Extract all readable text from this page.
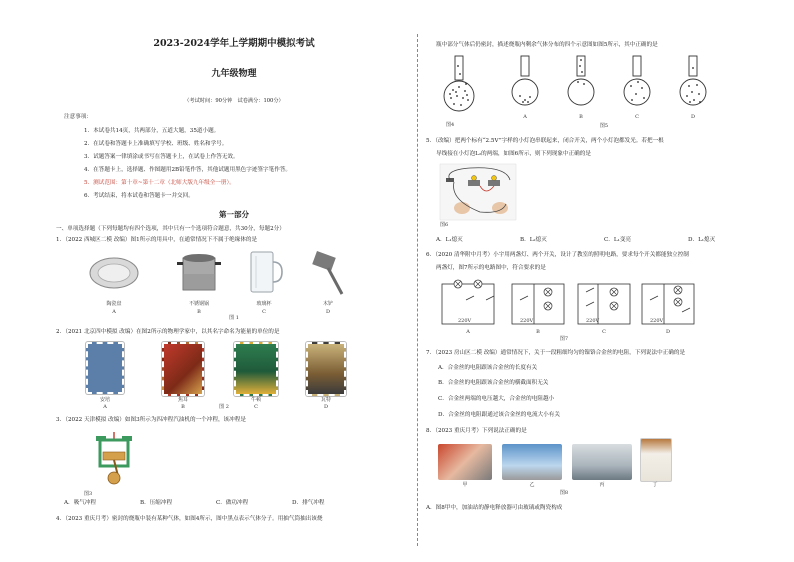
2023-2024学年上学期期中模拟考试
九年级物理
（考试时间：90分钟　试卷满分：100分）
注意事项：
1．本试卷共14页，共两部分，五道大题，35道小题。
2．在试卷和答题卡上准确填写学校、班级、姓名和学号。
3．试题答案一律填涂或书写在答题卡上，在试卷上作答无效。
4．在答题卡上，选择题、作图题用2B铅笔作答，其他试题用黑色字迹签字笔作答。
5．测试范围：第十章~第十二章（北师大版九年级全一册）。
6．考试结束，将本试卷和答题卡一并交回。
第一部分
一、单项选择题（下列每题均有四个选项，其中只有一个选项符合题意，共30分，每题2分）
1．（2022 西城区二模 改编）图1所示的用具中，在通常情况下不属于绝缘体的是
陶瓷盘	不锈钢锅	玻璃杯	木铲
A	B	C	D
图 1
2．（2021 北京四中模拟 改编）在图2所示的物理学家中，以其名字命名为能量的单位的是
安培	焦耳	牛顿	瓦特
A	B	C	D
图 2
3．（2022 天津模拟 改编）如图3所示为四冲程汽油机的一个冲程，该冲程是
图3
A．吸气冲程	B．压缩冲程	C．做功冲程	D．排气冲程
4．（2023 重庆月考）密封的烧瓶中装有某种气体，如图4所示，图中黑点表示气体分子。用抽气筒抽出该烧
瓶中部分气体后仍密封，描述烧瓶内剩余气体分布的四个示意图如图5所示，其中正确的是
图4
A	B	C	D
图5
5．（改编）把两个标有“2.5V”字样的小灯泡串联起来，闭合开关，两个小灯泡都发光。若把一根
导线接在小灯泡L₂的两端，如图6所示，则下列现象中正确的是
图6
A．L₁熄灭	B．L₂熄灭	C．L₁变亮	D．L₁熄灭
6．（2020 清华附中月考）小宇用两盏灯、两个开关，设计了教室的照明电路，要求每个开关都能独立控制
两盏灯，图7所示的电路图中，符合要求的是
220V	220V	220V	220V
A	B	C	D
图7
7．（2023 房山区二模 改编）通常情况下，关于一段粗细均匀的镍铬合金丝的电阻，下列说法中正确的是
A．合金丝的电阻跟该合金丝的长度有关
B．合金丝的电阻跟该合金丝的横截面积无关
C．合金丝两端的电压越大，合金丝的电阻越小
D．合金丝的电阻跟通过该合金丝的电流大小有关
8．（2023 重庆月考）下列说法正确的是
甲	乙	丙	丁
图8
A．图8甲中，加油站的静电释放器可由玻璃或陶瓷构成
